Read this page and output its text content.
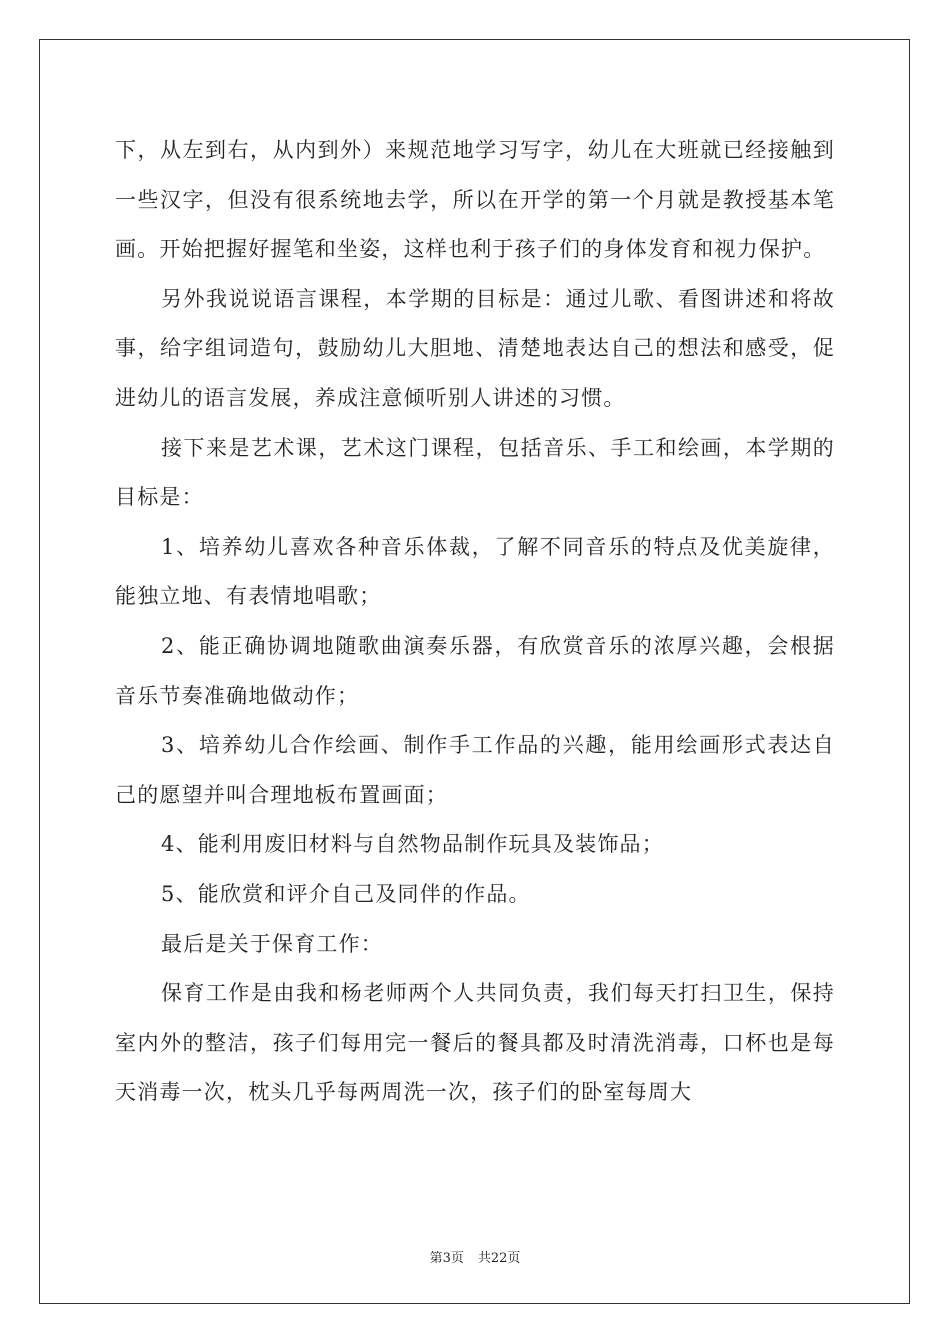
下，从左到右，从内到外）来规范地学习写字，幼儿在大班就已经接触到一些汉字，但没有很系统地去学，所以在开学的第一个月就是教授基本笔画。开始把握好握笔和坐姿，这样也利于孩子们的身体发育和视力保护。

另外我说说语言课程，本学期的目标是：通过儿歌、看图讲述和将故事，给字组词造句，鼓励幼儿大胆地、清楚地表达自己的想法和感受，促进幼儿的语言发展，养成注意倾听别人讲述的习惯。

接下来是艺术课，艺术这门课程，包括音乐、手工和绘画，本学期的目标是：

1、培养幼儿喜欢各种音乐体裁，了解不同音乐的特点及优美旋律，能独立地、有表情地唱歌；

2、能正确协调地随歌曲演奏乐器，有欣赏音乐的浓厚兴趣，会根据音乐节奏准确地做动作；

3、培养幼儿合作绘画、制作手工作品的兴趣，能用绘画形式表达自己的愿望并叫合理地板布置画面；

4、能利用废旧材料与自然物品制作玩具及装饰品；

5、能欣赏和评介自己及同伴的作品。

最后是关于保育工作：

保育工作是由我和杨老师两个人共同负责，我们每天打扫卫生，保持室内外的整洁，孩子们每用完一餐后的餐具都及时清洗消毒，口杯也是每天消毒一次，枕头几乎每两周洗一次，孩子们的卧室每周大

第3页 共22页
